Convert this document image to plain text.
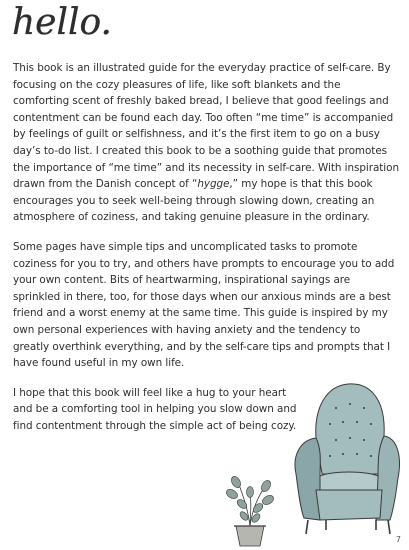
hello.

This book is an illustrated guide for the everyday practice of self-care. By focusing on the cozy pleasures of life, like soft blankets and the comforting scent of freshly baked bread, I believe that good feelings and contentment can be found each day. Too often “me time” is accompanied by feelings of guilt or selfishness, and it’s the first item to go on a busy day’s to-do list. I created this book to be a soothing guide that promotes the importance of “me time” and its necessity in self-care. With inspiration drawn from the Danish concept of “hygge,” my hope is that this book encourages you to seek well-being through slowing down, creating an atmosphere of coziness, and taking genuine pleasure in the ordinary.

Some pages have simple tips and uncomplicated tasks to promote coziness for you to try, and others have prompts to encourage you to add your own content. Bits of heartwarming, inspirational sayings are sprinkled in there, too, for those days when our anxious minds are a best friend and a worst enemy at the same time. This guide is inspired by my own personal experiences with having anxiety and the tendency to greatly overthink everything, and by the self-care tips and prompts that I have found useful in my own life.

I hope that this book will feel like a hug to your heart and be a comforting tool in helping you slow down and find contentment through the simple act of being cozy.

7
